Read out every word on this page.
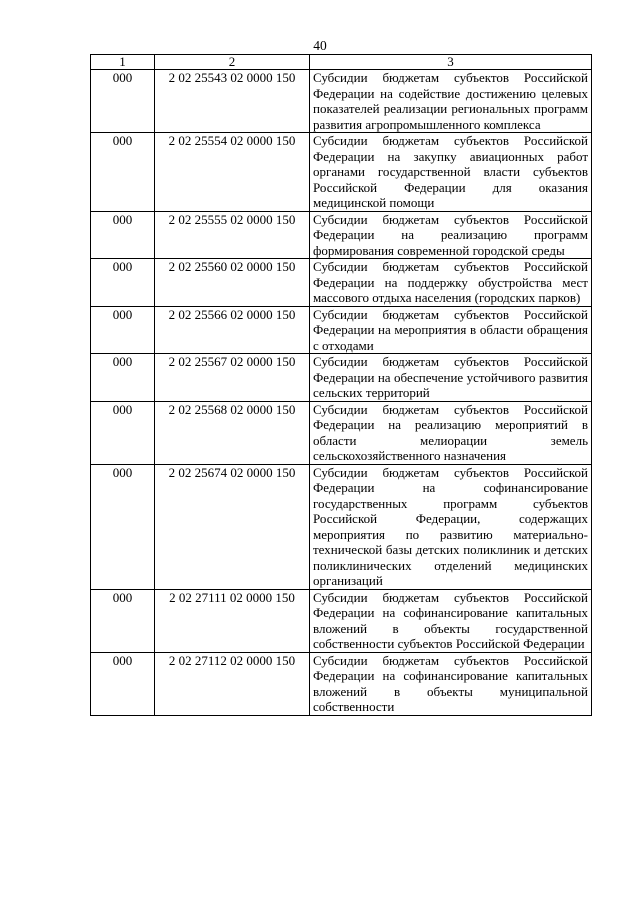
40
1	2	3
000	2 02 25543 02 0000 150	Субсидии бюджетам субъектов Российской Федерации на содействие достижению целевых показателей реализации региональных программ развития агропромышленного комплекса
000	2 02 25554 02 0000 150	Субсидии бюджетам субъектов Российской Федерации на закупку авиационных работ органами государственной власти субъектов Российской Федерации для оказания медицинской помощи
000	2 02 25555 02 0000 150	Субсидии бюджетам субъектов Российской Федерации на реализацию программ формирования современной городской среды
000	2 02 25560 02 0000 150	Субсидии бюджетам субъектов Российской Федерации на поддержку обустройства мест массового отдыха населения (городских парков)
000	2 02 25566 02 0000 150	Субсидии бюджетам субъектов Российской Федерации на мероприятия в области обращения с отходами
000	2 02 25567 02 0000 150	Субсидии бюджетам субъектов Российской Федерации на обеспечение устойчивого развития сельских территорий
000	2 02 25568 02 0000 150	Субсидии бюджетам субъектов Российской Федерации на реализацию мероприятий в области мелиорации земель сельскохозяйственного назначения
000	2 02 25674 02 0000 150	Субсидии бюджетам субъектов Российской Федерации на софинансирование государственных программ субъектов Российской Федерации, содержащих мероприятия по развитию материально-технической базы детских поликлиник и детских поликлинических отделений медицинских организаций
000	2 02 27111 02 0000 150	Субсидии бюджетам субъектов Российской Федерации на софинансирование капитальных вложений в объекты государственной собственности субъектов Российской Федерации
000	2 02 27112 02 0000 150	Субсидии бюджетам субъектов Российской Федерации на софинансирование капитальных вложений в объекты муниципальной собственности
